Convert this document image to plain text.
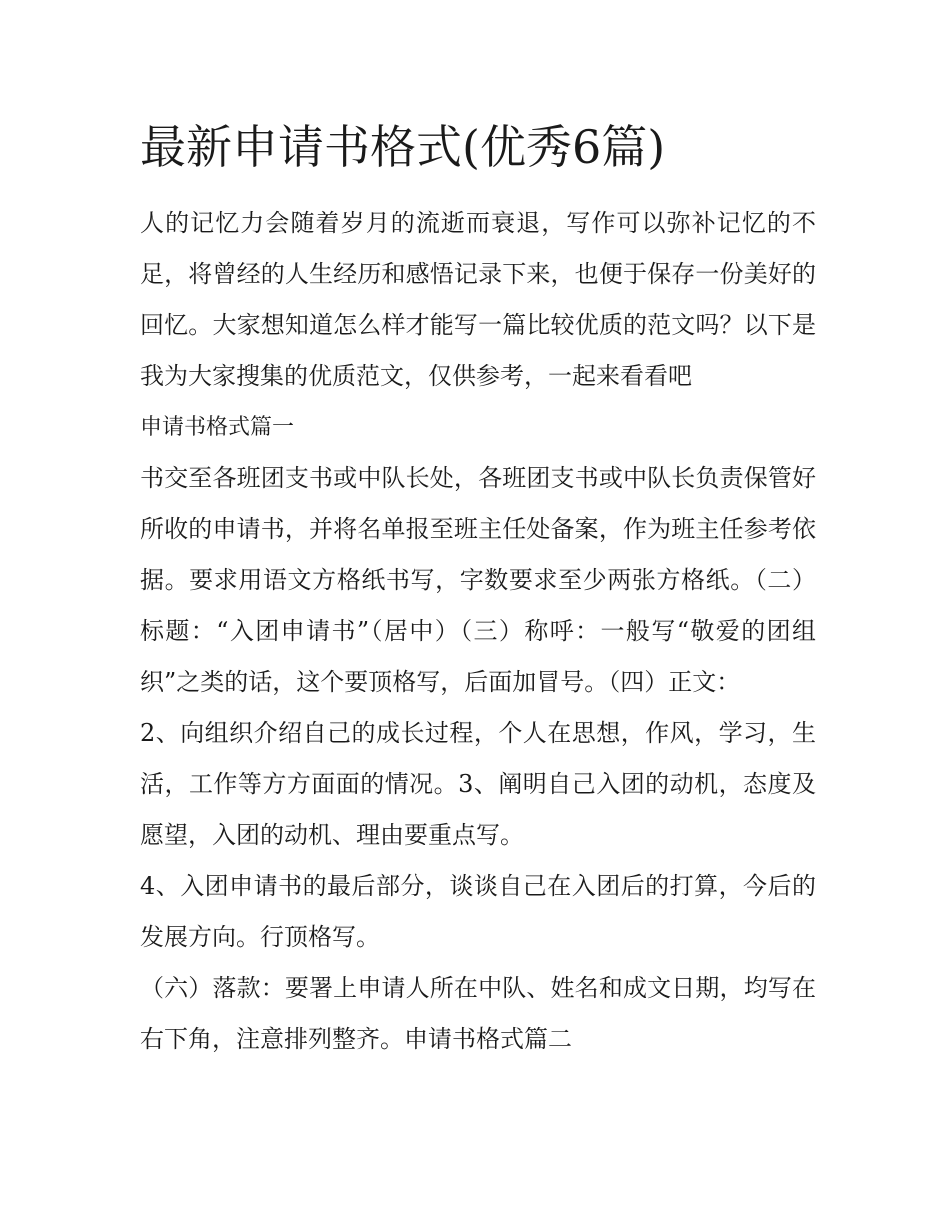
最新申请书格式(优秀6篇)

人的记忆力会随着岁月的流逝而衰退，写作可以弥补记忆的不足，将曾经的人生经历和感悟记录下来，也便于保存一份美好的回忆。大家想知道怎么样才能写一篇比较优质的范文吗？以下是我为大家搜集的优质范文，仅供参考，一起来看看吧

申请书格式篇一

书交至各班团支书或中队长处，各班团支书或中队长负责保管好所收的申请书，并将名单报至班主任处备案，作为班主任参考依据。要求用语文方格纸书写，字数要求至少两张方格纸。（二）标题：“入团申请书”（居中）（三）称呼：一般写“敬爱的团组织”之类的话，这个要顶格写，后面加冒号。（四）正文：

2、向组织介绍自己的成长过程，个人在思想，作风，学习，生活，工作等方方面面的情况。3、阐明自己入团的动机，态度及愿望，入团的动机、理由要重点写。

4、入团申请书的最后部分，谈谈自己在入团后的打算，今后的发展方向。行顶格写。

（六）落款：要署上申请人所在中队、姓名和成文日期，均写在右下角，注意排列整齐。申请书格式篇二
